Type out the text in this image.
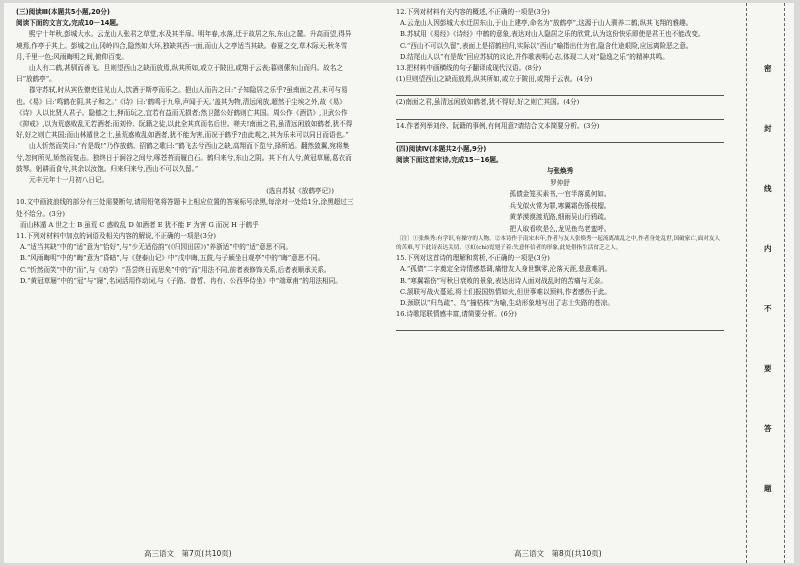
(三)阅读Ⅲ(本题共5小题,20分)

阅读下面的文言文,完成10－14题。

熙宁十年秋,彭城大水。云龙山人张君之草堂,水及其半扉。明年春,水落,迁于故居之东,东山之麓。升高而望,得异境焉,作亭于其上。彭城之山,冈岭四合,隐然如大环,独缺其西一面,而山人之亭适当其缺。春夏之交,草木际天;秋冬雪月,千里一色;风雨晦明之间,俯仰百变。

山人有二鹤,甚驯而善飞。旦则望西山之缺而放焉,纵其所如,或立于陂田,或翔于云表;暮则傃东山而归。故名之曰“放鹤亭”。

郡守苏轼,时从宾佐僚吏往见山人,饮酒于斯亭而乐之。挹山人而告之曰:“子知隐居之乐乎?虽南面之君,未可与易也。《易》曰:‘鸣鹤在阴,其子和之。’《诗》曰:‘鹤鸣于九皋,声闻于天。’盖其为物,清远闲放,超然于尘埃之外,故《易》《诗》人以比贤人君子。隐德之士,狎而玩之,宜若有益而无损者;然卫懿公好鹤则亡其国。周公作《酒诰》,卫武公作《抑戒》,以为荒惑败乱无若酒者;而刘伶、阮籍之徒,以此全其真而名后世。嗟夫!南面之君,虽清远闲放如鹤者,犹不得好,好之则亡其国;而山林遁世之士,虽荒惑败乱如酒者,犹不能为害,而况于鹤乎?由此观之,其为乐未可以同日而语也。”

山人忻然而笑曰:“有是哉!”乃作放鹤、招鹤之歌曰:“鹤飞去兮西山之缺,高翔而下览兮,择所适。翻然敛翼,宛将集兮,忽何所见,矫然而复击。独终日于涧谷之间兮,啄苍苔而履白石。鹤归来兮,东山之阴。其下有人兮,黄冠草屦,葛衣而鼓琴。躬耕而食兮,其余以汝饱。归来归来兮,西山不可以久留。”

元丰元年十一月初八日记。

(选自苏轼《放鹤亭记》)

10.文中画波浪线的部分有三处需要断句,请用铅笔将答题卡上相应位置的答案标号涂黑,每涂对一处给1分,涂黑超过三处不给分。(3分)

而山林遁 A 世之士 B 虽荒 C 惑败乱 D 如酒者 E 犹不能 F 为害 G 而况 H 于鹤乎

11.下列对材料中加点的词语及相关内容的解说,不正确的一项是(3分)

A.“适当其缺”中的“适”意为“恰好”,与“少无适俗韵”(《归园田居》)“养浙适”中的“适”意思不同。

B.“风雨晦明”中的“晦”意为“昏暗”,与《登泰山记》中“戊申晦,五鼓,与子颍坐日观亭”中的“晦”意思不同。

C.“忻然而笑”中的“而”,与《劝学》“吾尝终日而思矣”中的“而”用法不同,前者表修饰关系,后者表顺承关系。

D.“黄冠草屦”中的“冠”与“屦”,名词活用作动词,与《子路、曾皙、冉有、公西华侍坐》中“端章甫”的用法相同。

高三语文　第7页(共10页)

12.下列对材料有关内容的概述,不正确的一项是(3分)

A.云龙山人因彭城大水迁居东山,于山上建亭,命名为“放鹤亭”,这源于山人驯养二鹤,纵其飞翔的雅趣。

B.苏轼用《易经》《诗经》中鹤的意象,表达对山人隐居之乐的欣赏,认为这份快乐即使是君王也不能改变。

C.“西山不可以久留”,表面上是招鹤回归,实际以“西山”喻指出仕为官,隐含仕途艰险,应远离险恶之意。

D.结尾山人以“有是哉”回应苏轼的议论,并作歌表明心志,体现二人对“隐逸之乐”的精神共鸣。

13.把材料中画横线的句子翻译成现代汉语。(8分)

(1)旦则望西山之缺而放焉,纵其所如,或立于陂田,或翔于云表。(4分)

(2)南面之君,虽清远闲放如鹤者,犹不得好,好之则亡其国。(4分)

14.作者列举刘伶、阮籍的事例,有何用意?请结合文本简要分析。(3分)

(四)阅读Ⅳ(本题共2小题,9分)

阅读下面这首宋诗,完成15－16题。

与张焕秀

罗仲舒

孤债金笼买素书,一官半落奚何如。

兵戈似火常为罪,寒翼霜伤铄枝榴。

黄茅漠漠渡荒路,细雨吴山行鸦疏。

把人取看吹是么,龙见鱼鸟老蛮呼。

〔注〕①张焕秀:有学识,有操守的人物。②本诗作于南宋末年,作者与友人张焕秀一起流离战乱之中,作者身处乱世,国破家亡,面对友人的苦难,写下此诗表达关切。③虹(chì)霓翅子着:失意怀信者的形象,此处借指生活贫乏之人。

15.下列对这首诗的理解和赏析,不正确的一项是(3分)

A.“孤债”二字奠定全诗情感基调,痛惜友人身世飘零,沦落天涯,悲意难消。

B.“寒翼霜伤”写秋日衰败的景象,表达出诗人面对战乱时的苦痛与无奈。

C.颔联写战火蔓延,将士们报国热情如火,但世事难以预料,作者感伤于此。

D.颈联以“归鸟疏”、鸟“撞枯株”为喻,生动形象地写出了志士失路的苍凉。

16.诗歌尾联情感丰富,请简要分析。(6分)

高三语文　第8页(共10页)
密
封
线
内
不
要
答
题
